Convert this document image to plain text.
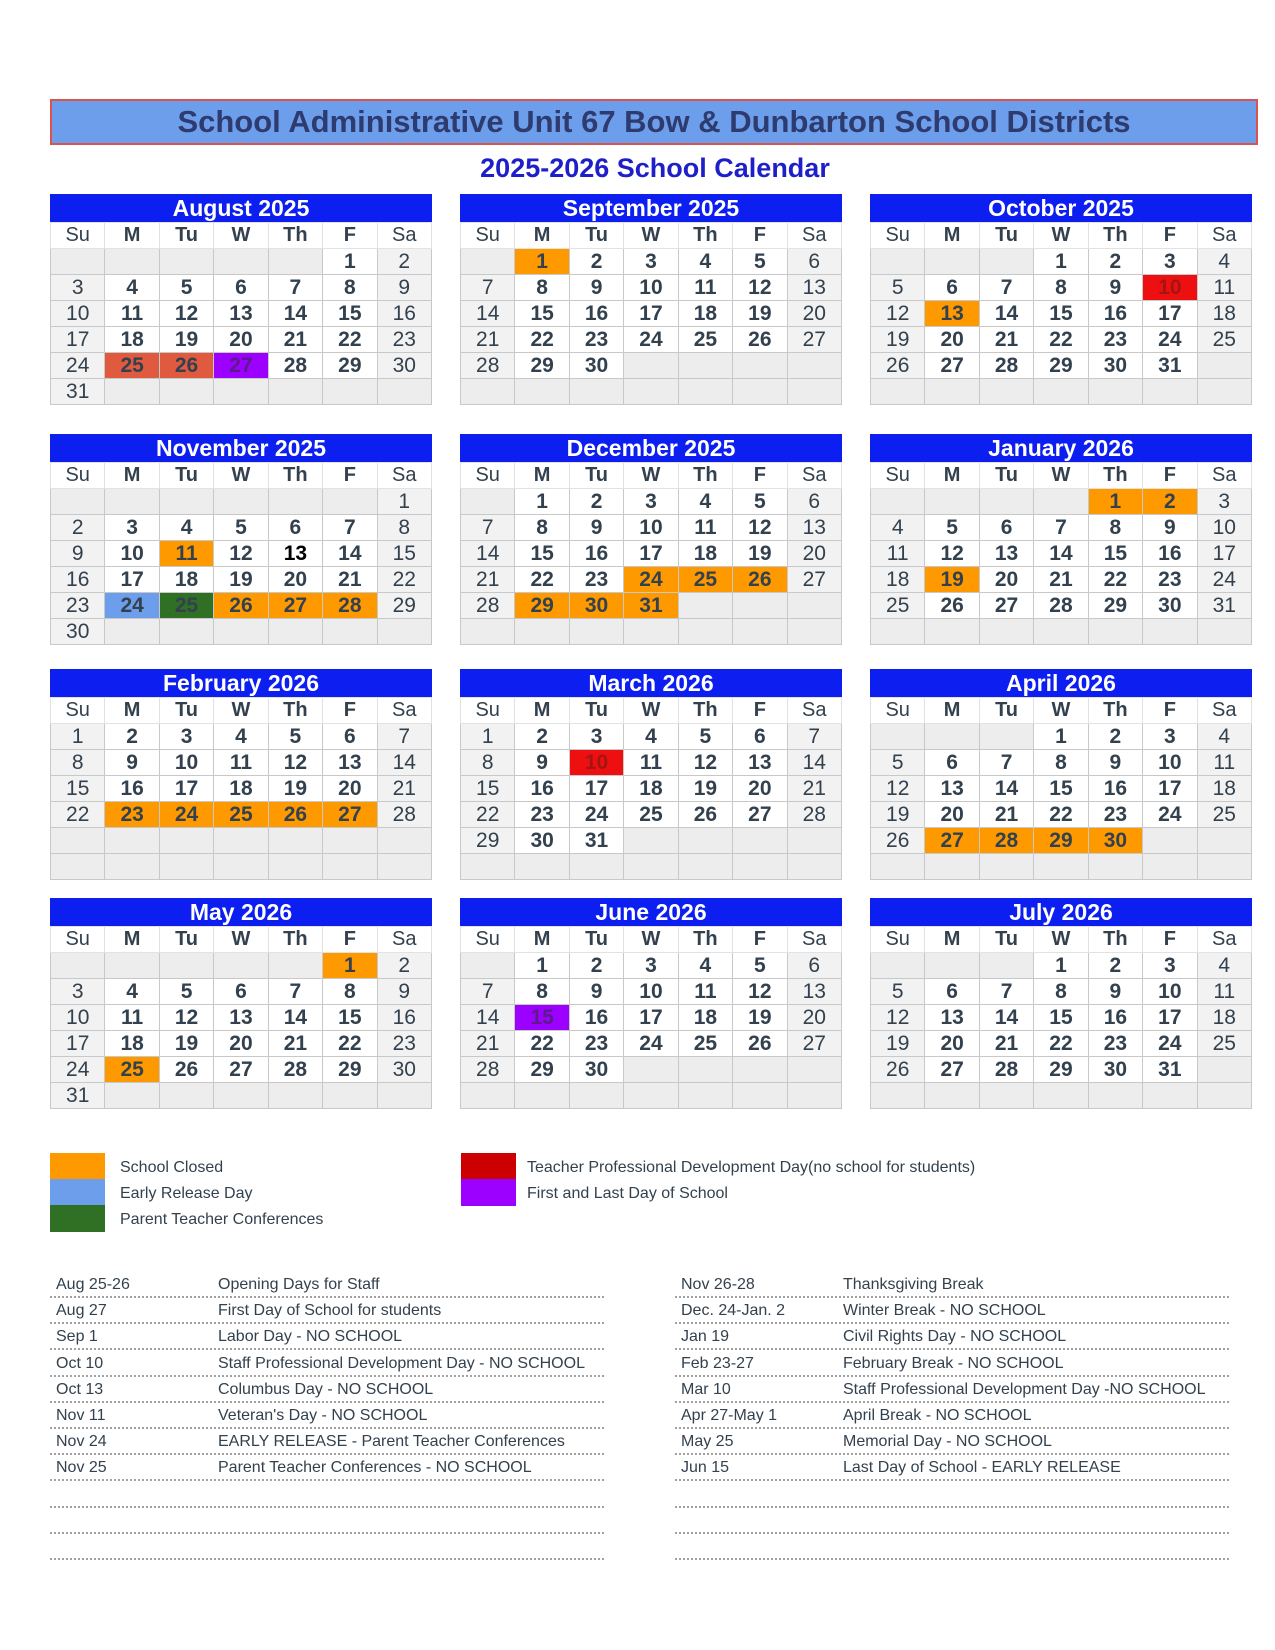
School Administrative Unit 67 Bow & Dunbarton School Districts
2025-2026 School Calendar
August 2025
Su	M	Tu	W	Th	F	Sa
					1	2
3	4	5	6	7	8	9
10	11	12	13	14	15	16
17	18	19	20	21	22	23
24	25	26	27	28	29	30
31						
September 2025
Su	M	Tu	W	Th	F	Sa
	1	2	3	4	5	6
7	8	9	10	11	12	13
14	15	16	17	18	19	20
21	22	23	24	25	26	27
28	29	30				

October 2025
Su	M	Tu	W	Th	F	Sa
			1	2	3	4
5	6	7	8	9	10	11
12	13	14	15	16	17	18
19	20	21	22	23	24	25
26	27	28	29	30	31	

November 2025
Su	M	Tu	W	Th	F	Sa
						1
2	3	4	5	6	7	8
9	10	11	12	13	14	15
16	17	18	19	20	21	22
23	24	25	26	27	28	29
30						
December 2025
Su	M	Tu	W	Th	F	Sa
	1	2	3	4	5	6
7	8	9	10	11	12	13
14	15	16	17	18	19	20
21	22	23	24	25	26	27
28	29	30	31			

January 2026
Su	M	Tu	W	Th	F	Sa
				1	2	3
4	5	6	7	8	9	10
11	12	13	14	15	16	17
18	19	20	21	22	23	24
25	26	27	28	29	30	31

February 2026
Su	M	Tu	W	Th	F	Sa
1	2	3	4	5	6	7
8	9	10	11	12	13	14
15	16	17	18	19	20	21
22	23	24	25	26	27	28

March 2026
Su	M	Tu	W	Th	F	Sa
1	2	3	4	5	6	7
8	9	10	11	12	13	14
15	16	17	18	19	20	21
22	23	24	25	26	27	28
29	30	31				

April 2026
Su	M	Tu	W	Th	F	Sa
			1	2	3	4
5	6	7	8	9	10	11
12	13	14	15	16	17	18
19	20	21	22	23	24	25
26	27	28	29	30		

May 2026
Su	M	Tu	W	Th	F	Sa
					1	2
3	4	5	6	7	8	9
10	11	12	13	14	15	16
17	18	19	20	21	22	23
24	25	26	27	28	29	30
31						
June 2026
Su	M	Tu	W	Th	F	Sa
	1	2	3	4	5	6
7	8	9	10	11	12	13
14	15	16	17	18	19	20
21	22	23	24	25	26	27
28	29	30				

July 2026
Su	M	Tu	W	Th	F	Sa
			1	2	3	4
5	6	7	8	9	10	11
12	13	14	15	16	17	18
19	20	21	22	23	24	25
26	27	28	29	30	31	

School Closed
Early Release Day
Parent Teacher Conferences
Teacher Professional Development Day(no school for students)
First and Last Day of School
Aug 25-26	Opening Days for Staff
Aug 27	First Day of School for students
Sep 1	Labor Day - NO SCHOOL
Oct 10	Staff Professional Development Day - NO SCHOOL
Oct 13	Columbus Day - NO SCHOOL
Nov 11	Veteran's Day - NO SCHOOL
Nov 24	EARLY RELEASE - Parent Teacher Conferences
Nov 25	Parent Teacher Conferences - NO SCHOOL
Nov 26-28	Thanksgiving Break
Dec. 24-Jan. 2	Winter Break - NO SCHOOL
Jan 19	Civil Rights Day - NO SCHOOL
Feb 23-27	February Break - NO SCHOOL
Mar 10	Staff Professional Development Day -NO SCHOOL
Apr 27-May 1	April Break - NO SCHOOL
May 25	Memorial Day - NO SCHOOL
Jun 15	Last Day of School - EARLY RELEASE
